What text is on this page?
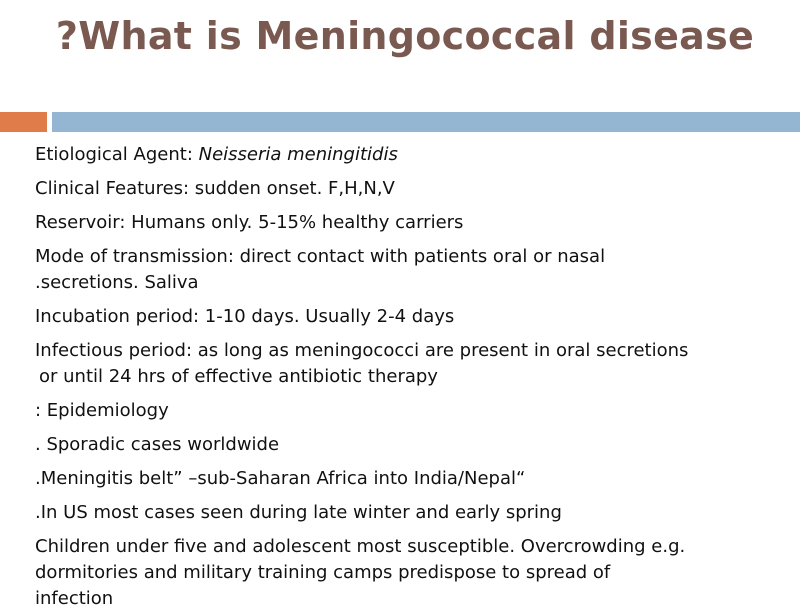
?What is Meningococcal disease
Etiological Agent: Neisseria meningitidis
Clinical Features: sudden onset. F,H,N,V
Reservoir: Humans only. 5-15% healthy carriers
Mode of transmission: direct contact with patients oral or nasal
.secretions. Saliva
Incubation period: 1-10 days. Usually 2-4 days
Infectious period: as long as meningococci are present in oral secretions
or until 24 hrs of effective antibiotic therapy
: Epidemiology
. Sporadic cases worldwide
.Meningitis belt” –sub-Saharan Africa into India/Nepal“
.In US most cases seen during late winter and early spring
Children under five and adolescent most susceptible. Overcrowding e.g.
dormitories and military training camps predispose to spread of
infection
